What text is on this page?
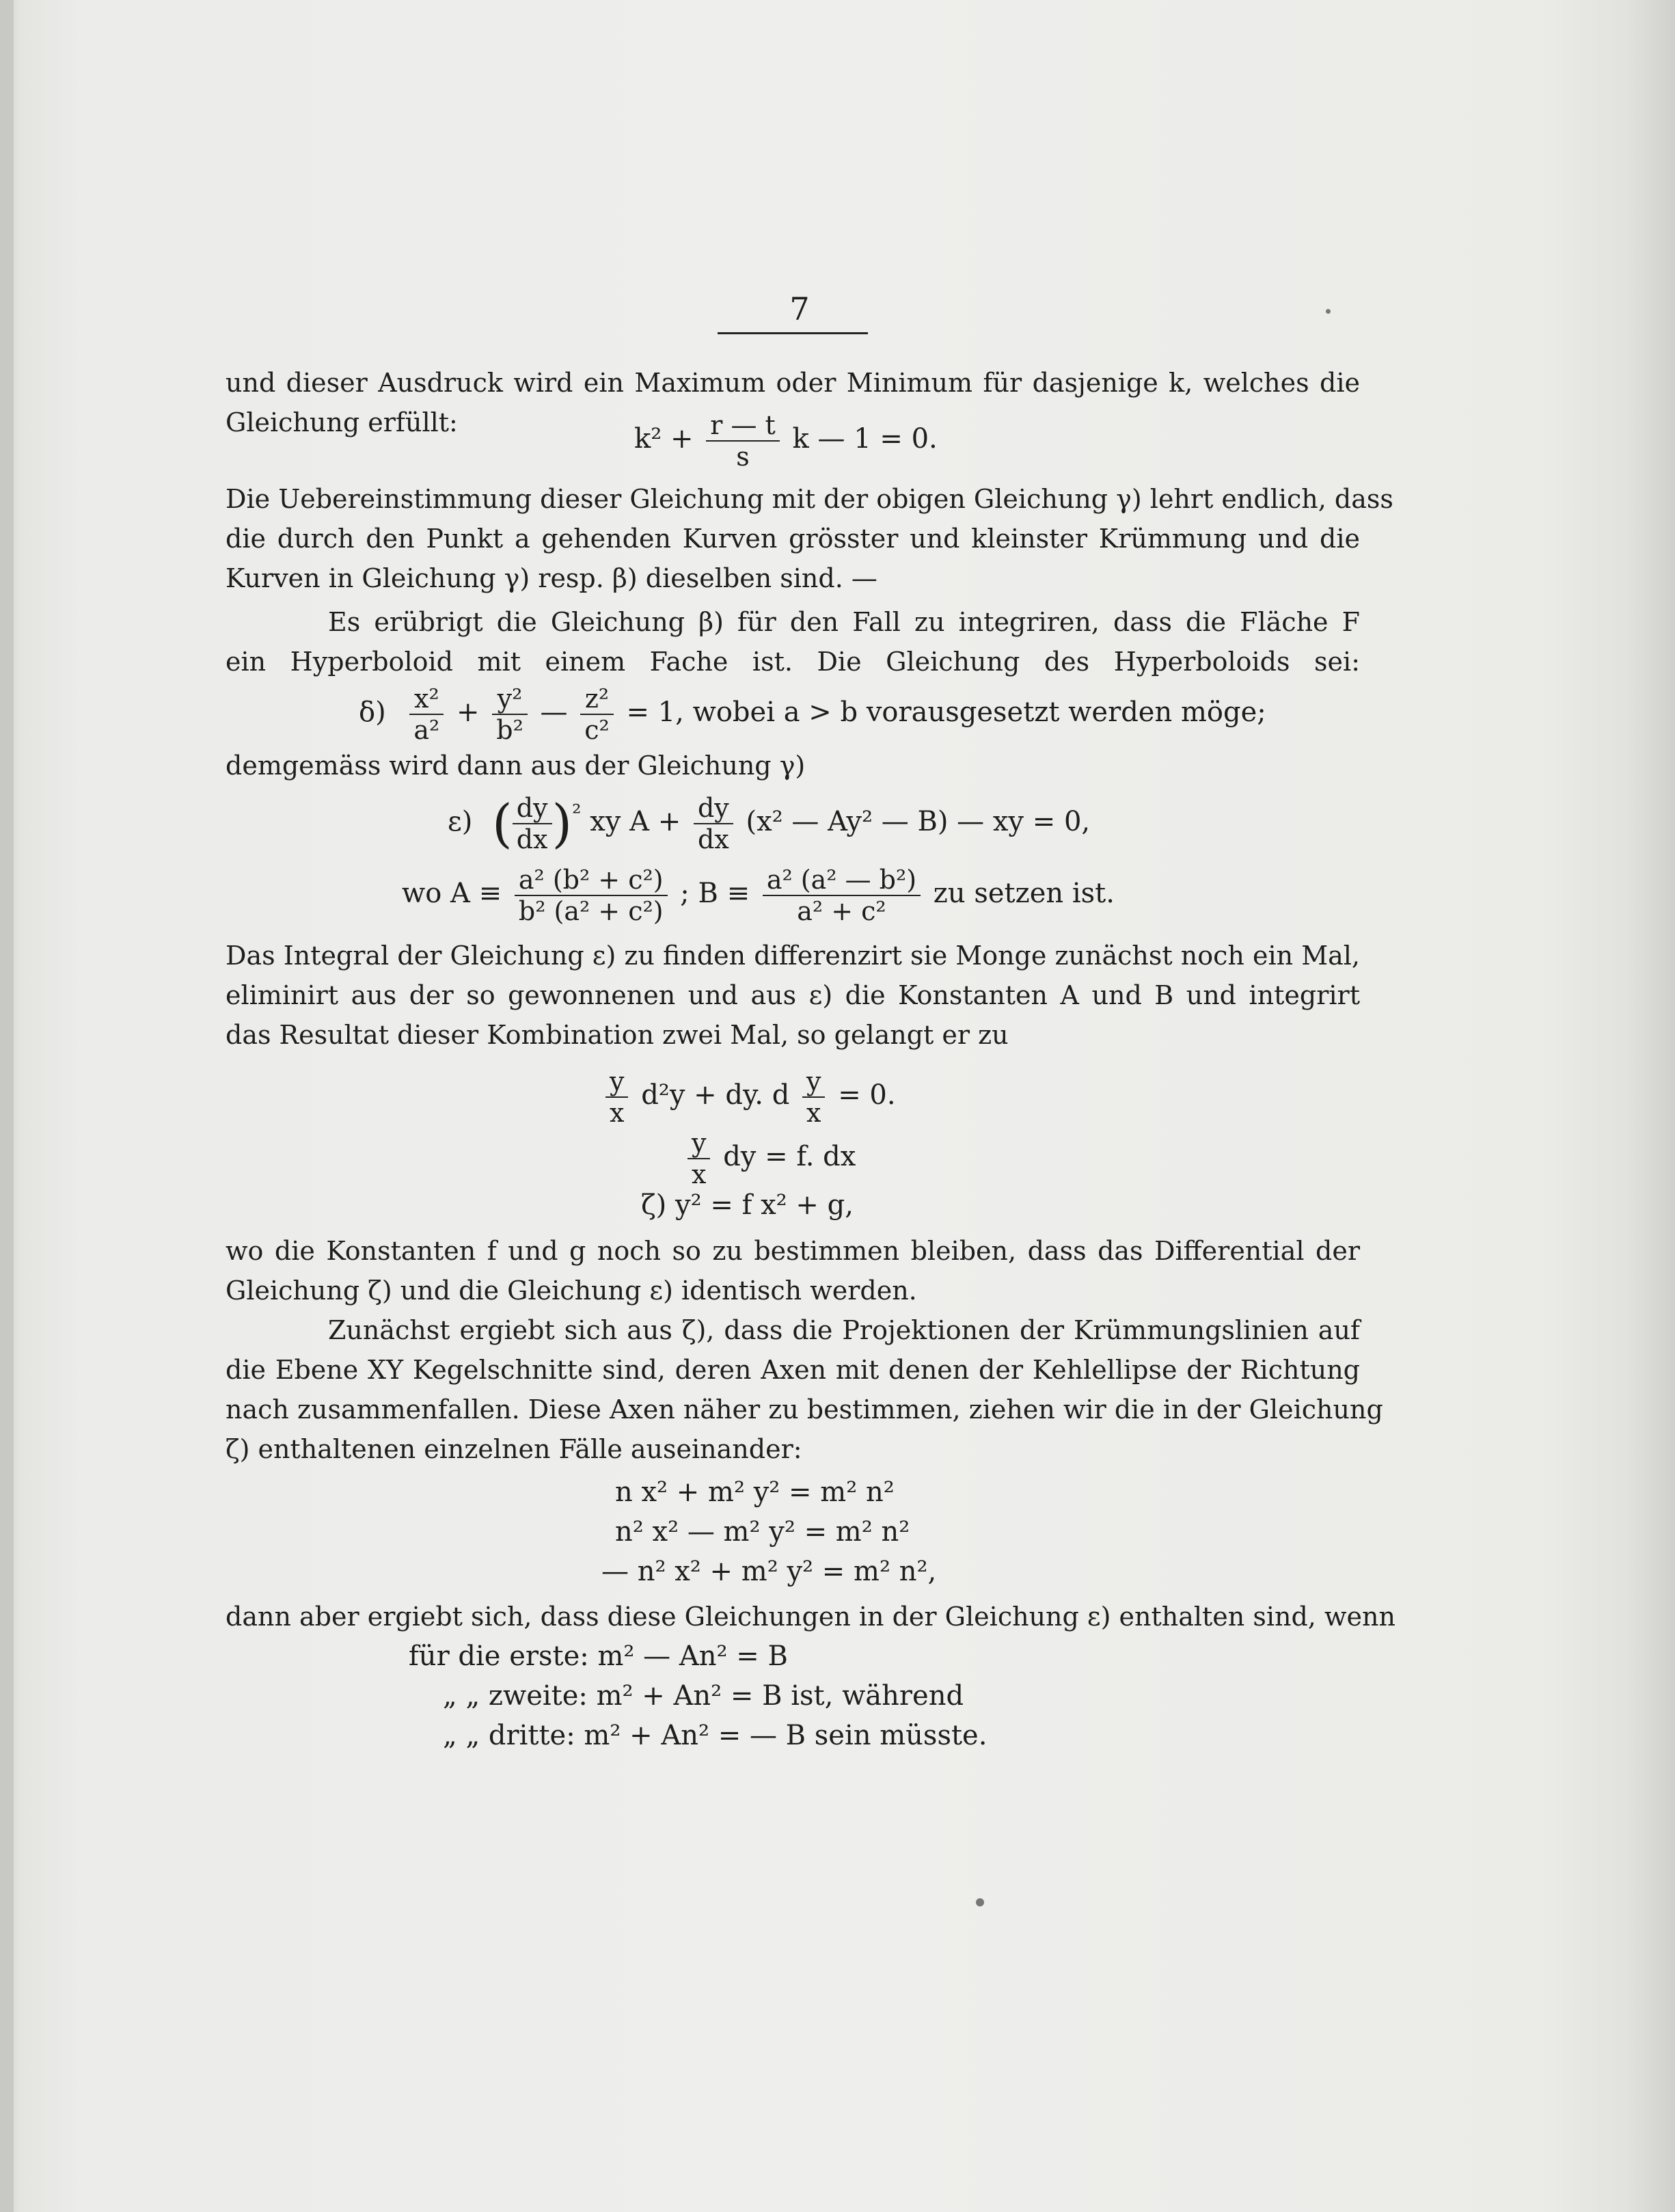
7
und dieser Ausdruck wird ein Maximum oder Minimum für dasjenige k, welches die
Gleichung erfüllt:
$k^2 + \frac{r — t}{s}$ k — 1 = 0.
Die Uebereinstimmung dieser Gleichung mit der obigen Gleichung γ) lehrt endlich, dass
die durch den Punkt a gehenden Kurven grösster und kleinster Krümmung und die
Kurven in Gleichung γ) resp. β) dieselben sind. —
Es erübrigt die Gleichung β) für den Fall zu integriren, dass die Fläche F
ein Hyperboloid mit einem Fache ist. Die Gleichung des Hyperboloids sei:
$\delta) \frac{\text{x²}}{\text{a²}} + \frac{\text{y²}}{\text{b²}}$ — $\frac{\text{z²}}{\text{c²}} = 1$, wobei a > b vorausgesetzt werden möge;
demgemäss wird dann aus der Gleichung γ)
ε) ( $\frac{dy}{dx} )^{^2}$ xy $A + \frac{dy}{dx} (x^2$ — Ay² — B) — xy = 0,
wo $A \equiv \frac{\text{a² (b² + c²)}}{\text{b² (a² + c²)}}$ ; $B \equiv \frac{\text{a² (a² — b²)}}{\text{a² + c²}}$ zu setzen ist.
Das Integral der Gleichung ε) zu finden differenzirt sie Monge zunächst noch ein Mal,
eliminirt aus der so gewonnenen und aus ε) die Konstanten A und B und integrirt
das Resultat dieser Kombination zwei Mal, so gelangt er zu
$\frac{y}{x} d^2y$ + dy. d $\frac{y}{x} = 0$.
$\frac{y}{x}$ dy = f. dx
ζ) y² = f x² + g,
wo die Konstanten f und g noch so zu bestimmen bleiben, dass das Differential der
Gleichung ζ) und die Gleichung ε) identisch werden.
Zunächst ergiebt sich aus ζ), dass die Projektionen der Krümmungslinien auf
die Ebene XY Kegelschnitte sind, deren Axen mit denen der Kehlellipse der Richtung
nach zusammenfallen. Diese Axen näher zu bestimmen, ziehen wir die in der Gleichung
ζ) enthaltenen einzelnen Fälle auseinander:
n x² + m² y² = m² n²
n² x² — m² y² = m² n²
— n² x² + m² y² = m² n²,
dann aber ergiebt sich, dass diese Gleichungen in der Gleichung ε) enthalten sind, wenn
für die erste: m² — An² = B
„ „ zweite: m² + An² = B ist, während
„ „ dritte: m² + An² = — B sein müsste.
